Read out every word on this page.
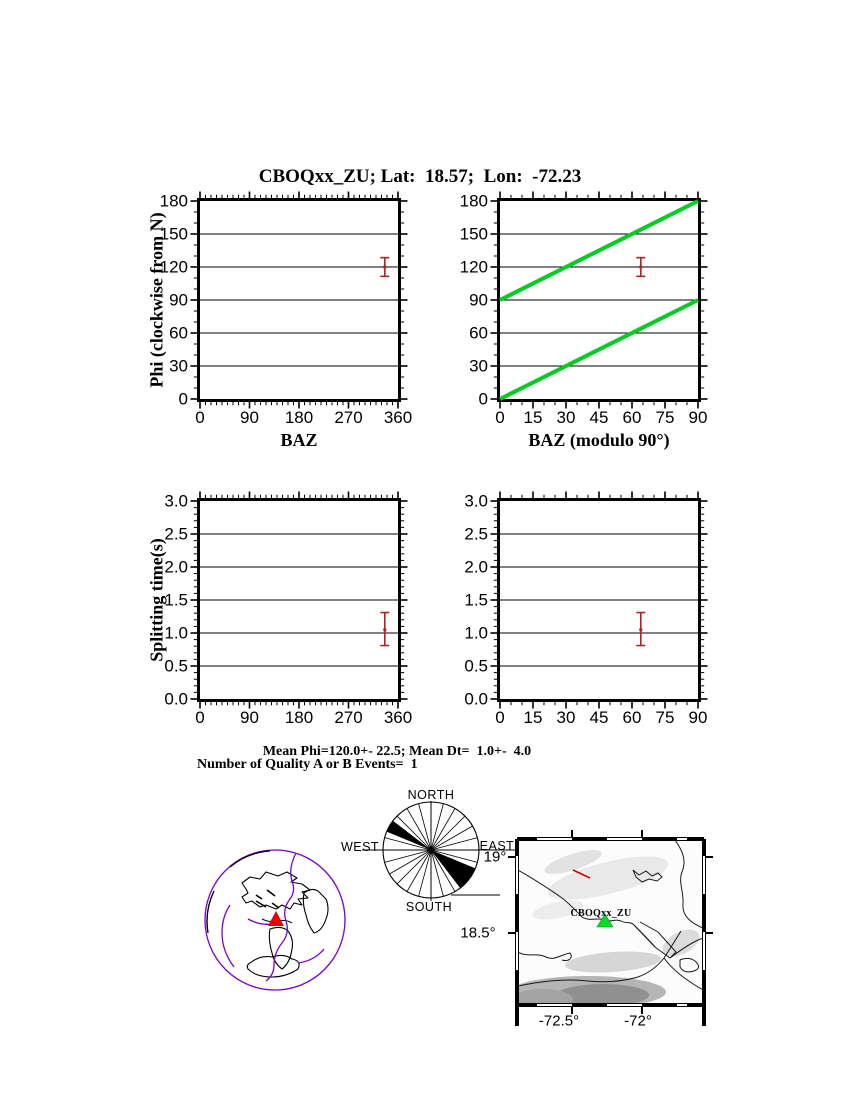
CBOQxx_ZU; Lat:  18.57;  Lon:  -72.23
0 90 180 270 360
0
30
60
90
120
150
180
0 15 30 45 60 75 90
0
30
60
90
120
150
180
0 90 180 270 360
0.0
0.5
1.0
1.5
2.0
2.5
3.0
0 15 30 45 60 75 90
0.0
0.5
1.0
1.5
2.0
2.5
3.0
Phi (clockwise from N)
Splitting time(s)
BAZ	BAZ (modulo 90°)
Mean Phi=120.0+- 22.5; Mean Dt=  1.0+-  4.0
Number of Quality A or B Events=  1
NORTH
SOUTH
WEST	EAST
19°
18.5°
-72.5°	-72°
CBOQxx_ZU
